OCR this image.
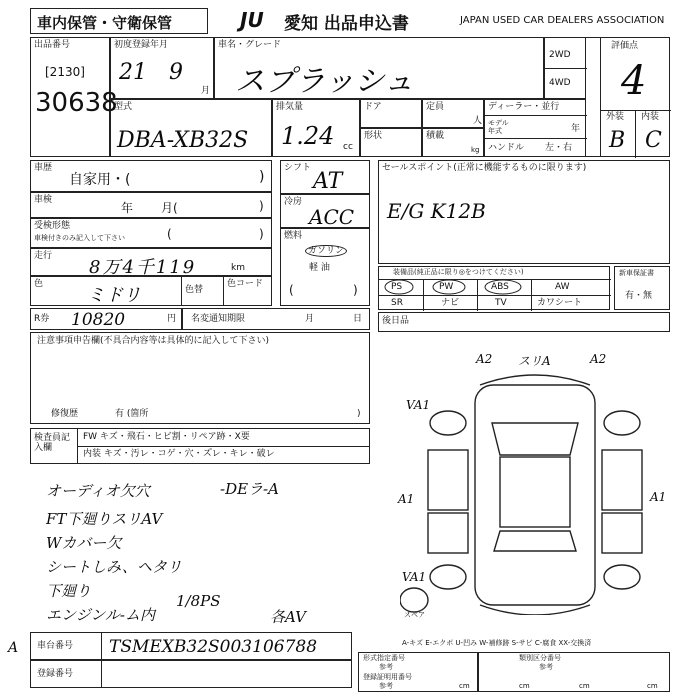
車内保管・守衛保管	JU 愛知 出品申込書	JAPAN USED CAR DEALERS ASSOCIATION
出品番号
[2130]
30638
初度登録年月
21 9
月
車名・グレード
スプラッシュ
2WD
4WD
評価点
4
外装 内装
B C
型式
DBA-XB32S
排気量
1.24 cc
ドア	定員
人
形状	積載
kg
ディーラー・並行
モデル年式	年
ハンドル 左・右
車歴
自家用・(	)
車検
年 月(	)
受検形態
車検付きのみ記入して下さい	(	)
走行
8万4千119	km
色
ミドリ	色替
色コード
シフト
AT
冷房
ACC
燃料
ガソリン
軽 油
(	)
セールスポイント(正常に機能するものに限ります)
E/G K12B
装備品(純正品に限り◎をつけてください)
PS	PW	ABS	AW
SR	ナビ	TV	カワシート
新車保証書
有・無
R券 10820	円 名変通知期限	月	日 後日品
注意事項申告欄(不具合内容等は具体的に記入して下さい)
修復歴	有 (箇所	)
検査員記入欄
FW キズ・飛石・ヒビ割・リペア跡・X要
内装 キズ・汚レ・コゲ・穴・ス゚レ・キレ・破レ
オーディオ欠穴	-DEラ-A
FT下廻りスリAV
Wカバー欠
シートしみ、ヘタリ
下廻り
1/8PS
エンジンル-ム内	各AV
A2 スリA	A2
VA1
A1	A1
VA1
スペア
A-キズ E-エクボ U-凹み W-補修跡 S-サビ C-腐食 XX-交換済
A 車台番号 TSMEXB32S003106788
登録番号
形式指定番号
参考
登録証明用番号
参考	cm
類別区分番号
参考
cm	cm	cm
